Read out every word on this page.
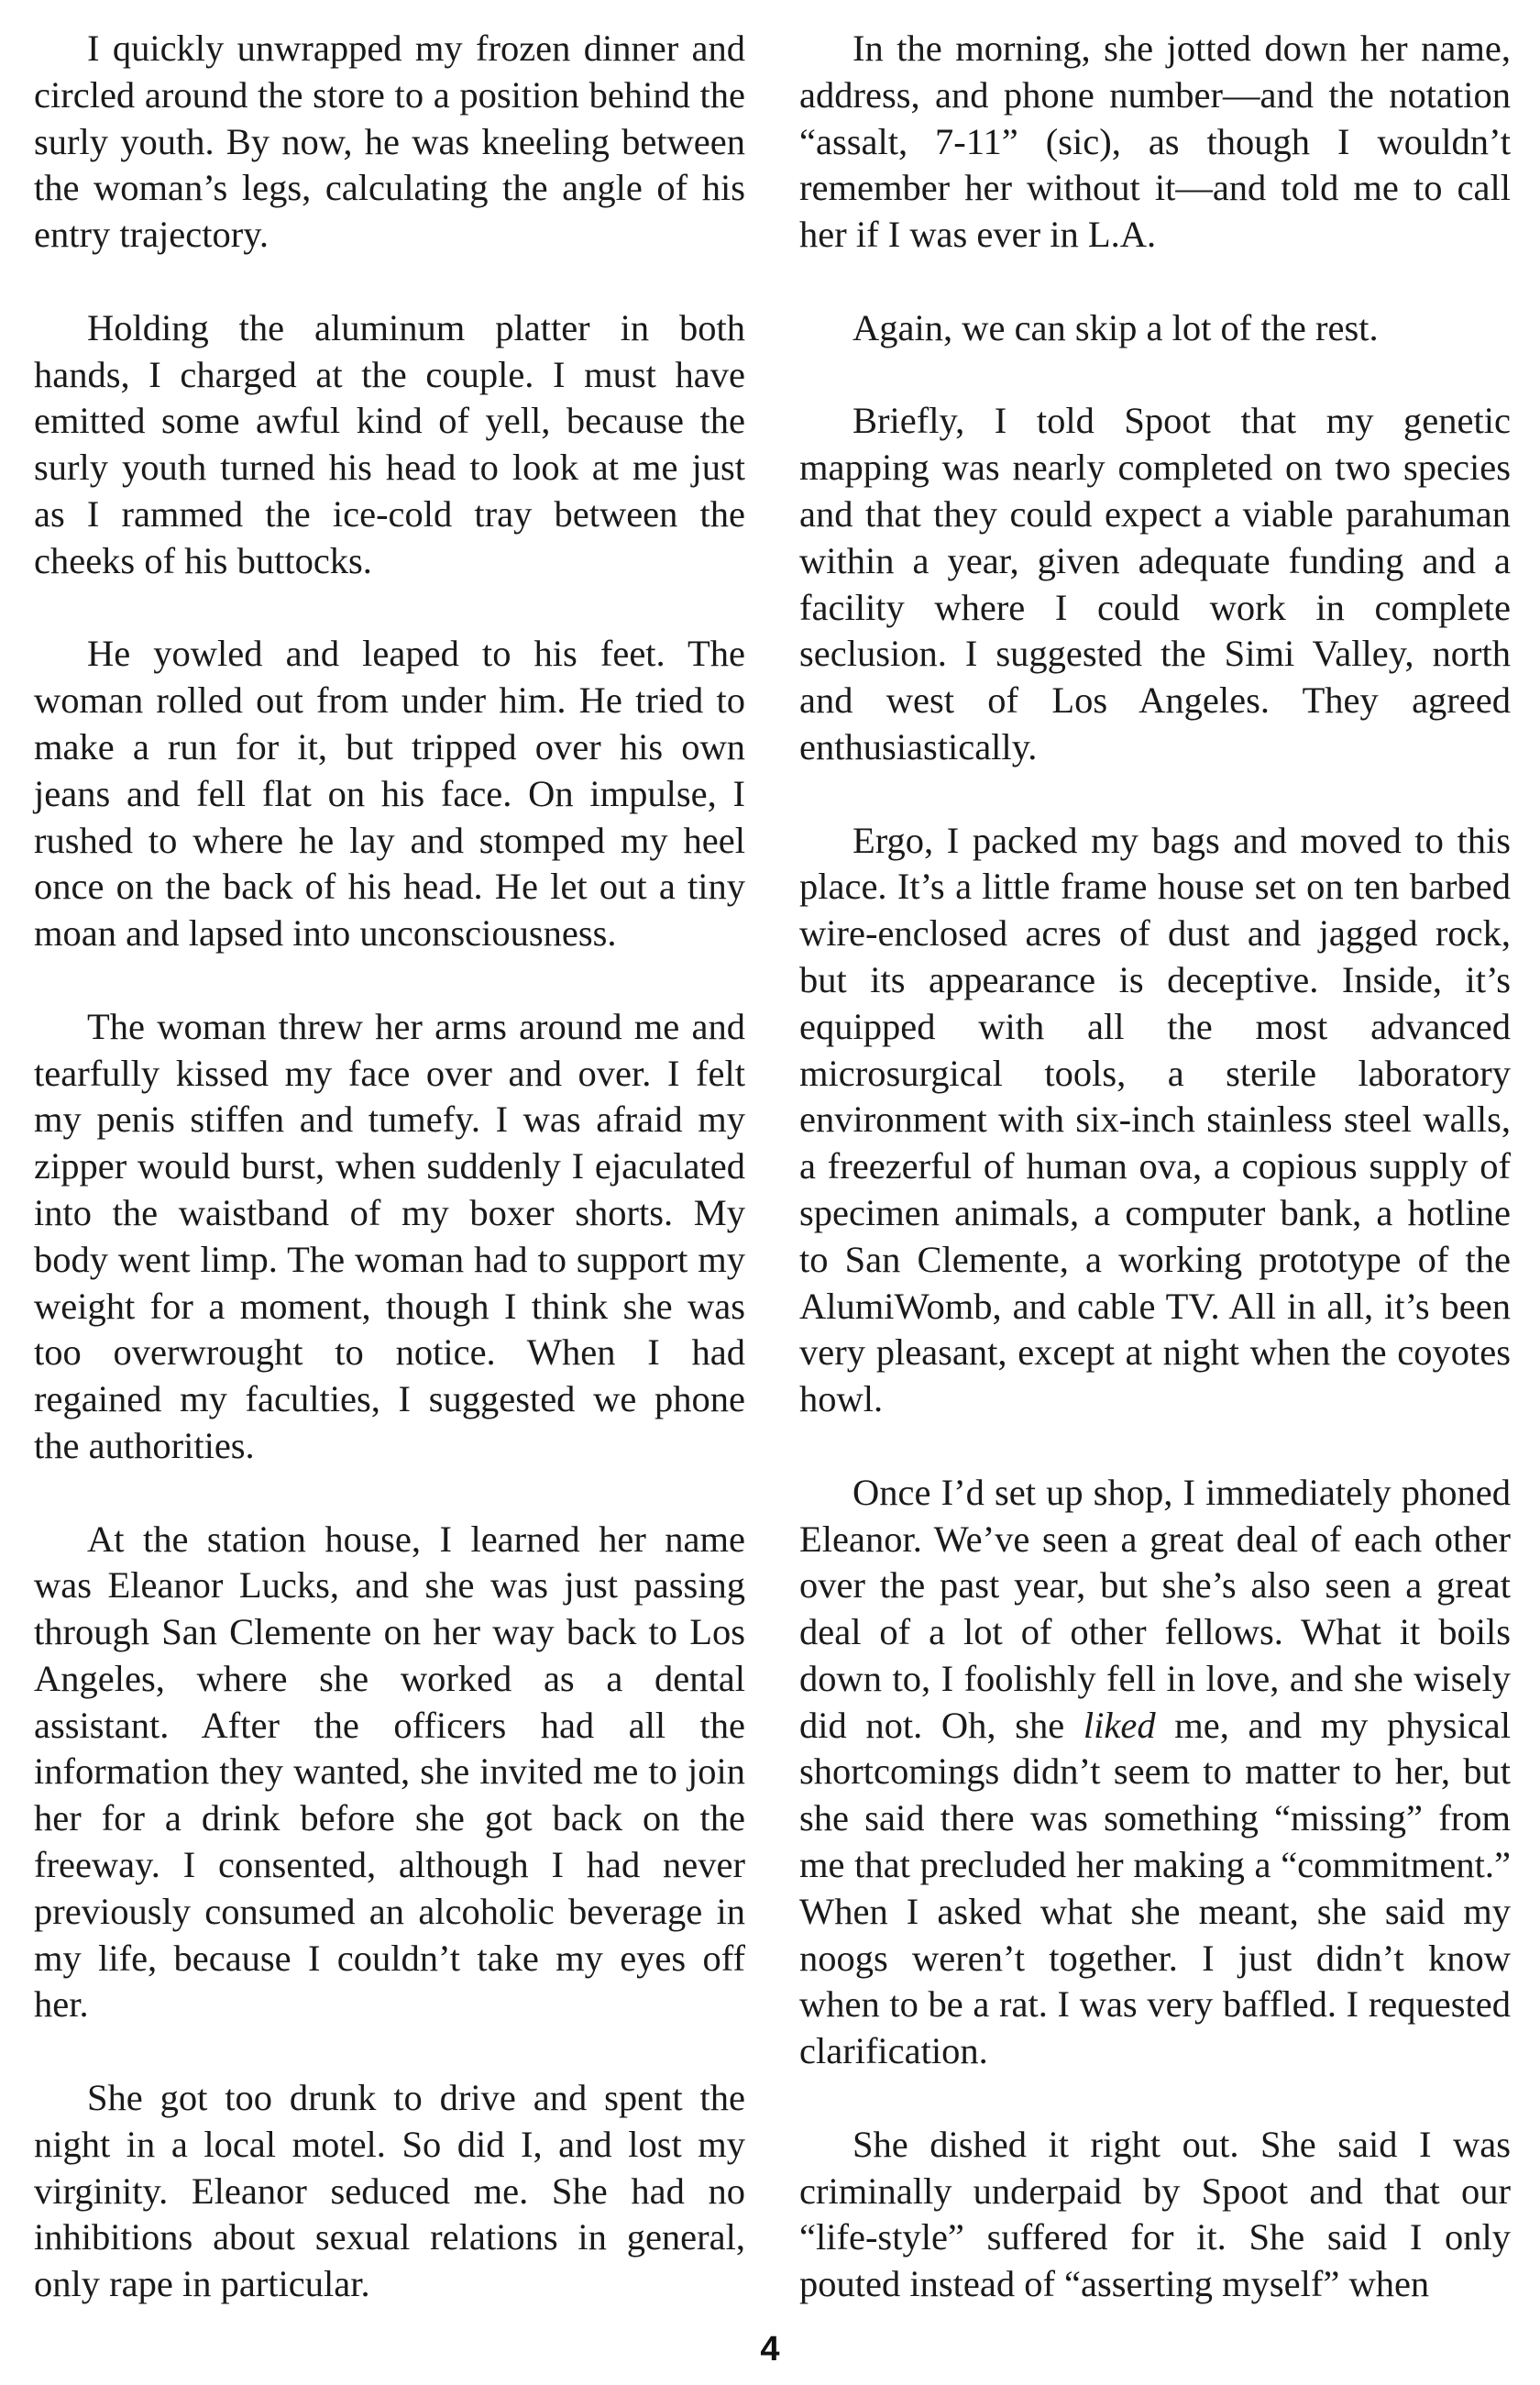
I quickly unwrapped my frozen dinner and circled around the store to a position behind the surly youth. By now, he was kneeling between the woman’s legs, calculating the angle of his entry trajectory.

Holding the aluminum platter in both hands, I charged at the couple. I must have emitted some awful kind of yell, because the surly youth turned his head to look at me just as I rammed the ice-cold tray between the cheeks of his buttocks.

He yowled and leaped to his feet. The woman rolled out from under him. He tried to make a run for it, but tripped over his own jeans and fell flat on his face. On impulse, I rushed to where he lay and stomped my heel once on the back of his head. He let out a tiny moan and lapsed into unconsciousness.

The woman threw her arms around me and tearfully kissed my face over and over. I felt my penis stiffen and tumefy. I was afraid my zipper would burst, when suddenly I ejaculated into the waistband of my boxer shorts. My body went limp. The woman had to support my weight for a moment, though I think she was too overwrought to notice. When I had regained my faculties, I suggested we phone the authorities.

At the station house, I learned her name was Eleanor Lucks, and she was just passing through San Clemente on her way back to Los Angeles, where she worked as a dental assistant. After the officers had all the information they wanted, she invited me to join her for a drink before she got back on the freeway. I consented, although I had never previously consumed an alcoholic beverage in my life, because I couldn’t take my eyes off her.

She got too drunk to drive and spent the night in a local motel. So did I, and lost my virginity. Eleanor seduced me. She had no inhibitions about sexual relations in general, only rape in particular.

In the morning, she jotted down her name, address, and phone number—and the notation “assalt, 7-11” (sic), as though I wouldn’t remember her without it—and told me to call her if I was ever in L.A.

Again, we can skip a lot of the rest.

Briefly, I told Spoot that my genetic mapping was nearly completed on two species and that they could expect a viable parahuman within a year, given adequate funding and a facility where I could work in complete seclusion. I suggested the Simi Valley, north and west of Los Angeles. They agreed enthusiastically.

Ergo, I packed my bags and moved to this place. It’s a little frame house set on ten barbed wire-enclosed acres of dust and jagged rock, but its appearance is deceptive. Inside, it’s equipped with all the most advanced microsurgical tools, a sterile laboratory environment with six-inch stainless steel walls, a freezerful of human ova, a copious supply of specimen animals, a computer bank, a hotline to San Clemente, a working prototype of the AlumiWomb, and cable TV. All in all, it’s been very pleasant, except at night when the coyotes howl.

Once I’d set up shop, I immediately phoned Eleanor. We’ve seen a great deal of each other over the past year, but she’s also seen a great deal of a lot of other fellows. What it boils down to, I foolishly fell in love, and she wisely did not. Oh, she liked me, and my physical shortcomings didn’t seem to matter to her, but she said there was something “missing” from me that precluded her making a “commitment.” When I asked what she meant, she said my noogs weren’t together. I just didn’t know when to be a rat. I was very baffled. I requested clarification.

She dished it right out. She said I was criminally underpaid by Spoot and that our “life-style” suffered for it. She said I only pouted instead of “asserting myself” when

4
